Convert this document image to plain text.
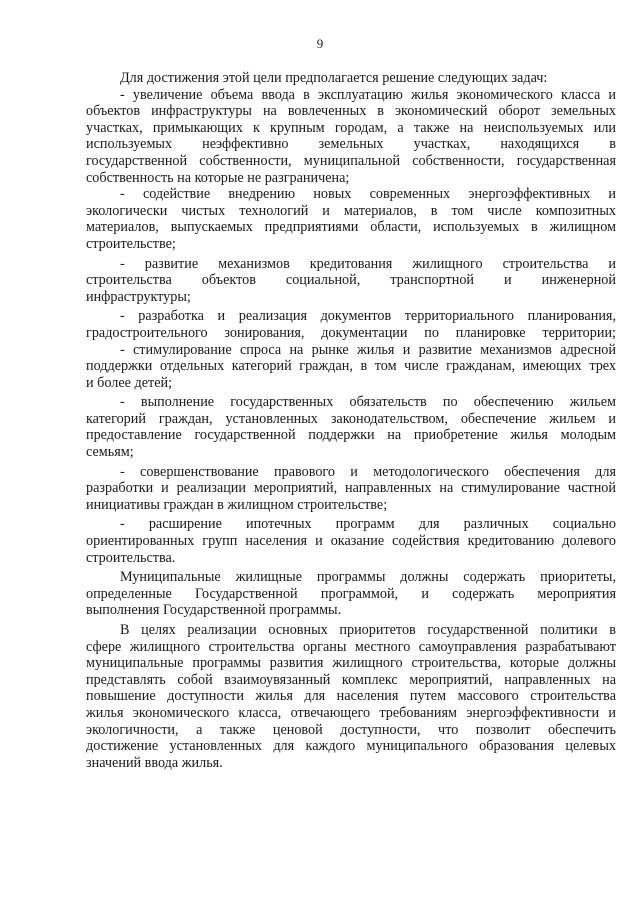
9
Для достижения этой цели предполагается решение следующих задач:
- увеличение объема ввода в эксплуатацию жилья экономического класса и
объектов инфраструктуры на вовлеченных в экономический оборот земельных
участках, примыкающих к крупным городам, а также на неиспользуемых или
используемых неэффективно земельных участках, находящихся в
государственной собственности, муниципальной собственности, государственная
собственность на которые не разграничена;
- содействие внедрению новых современных энергоэффективных и
экологически чистых технологий и материалов, в том числе композитных
материалов, выпускаемых предприятиями области, используемых в жилищном
строительстве;
- развитие механизмов кредитования жилищного строительства и
строительства объектов социальной, транспортной и инженерной
инфраструктуры;
- разработка и реализация документов территориального планирования,
градостроительного зонирования, документации по планировке территории;
- стимулирование спроса на рынке жилья и развитие механизмов адресной
поддержки отдельных категорий граждан, в том числе гражданам, имеющих трех
и более детей;
- выполнение государственных обязательств по обеспечению жильем
категорий граждан, установленных законодательством, обеспечение жильем и
предоставление государственной поддержки на приобретение жилья молодым
семьям;
- совершенствование правового и методологического обеспечения для
разработки и реализации мероприятий, направленных на стимулирование частной
инициативы граждан в жилищном строительстве;
- расширение ипотечных программ для различных социально
ориентированных групп населения и оказание содействия кредитованию долевого
строительства.
Муниципальные жилищные программы должны содержать приоритеты,
определенные Государственной программой, и содержать мероприятия
выполнения Государственной программы.
В целях реализации основных приоритетов государственной политики в
сфере жилищного строительства органы местного самоуправления разрабатывают
муниципальные программы развития жилищного строительства, которые должны
представлять собой взаимоувязанный комплекс мероприятий, направленных на
повышение доступности жилья для населения путем массового строительства
жилья экономического класса, отвечающего требованиям энергоэффективности и
экологичности, а также ценовой доступности, что позволит обеспечить
достижение установленных для каждого муниципального образования целевых
значений ввода жилья.
